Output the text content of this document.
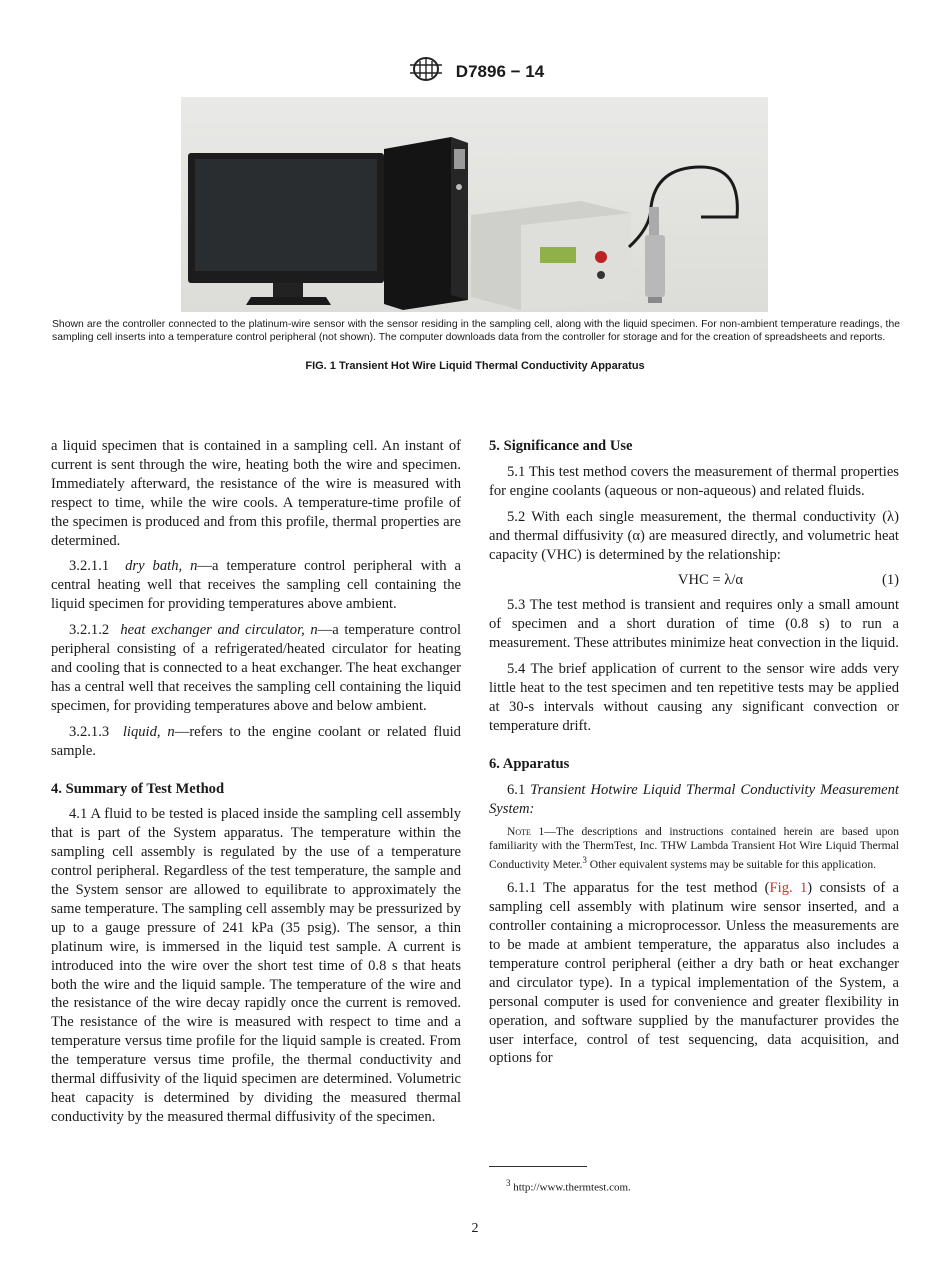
D7896 − 14
Shown are the controller connected to the platinum-wire sensor with the sensor residing in the sampling cell, along with the liquid specimen. For non-ambient temperature readings, the sampling cell inserts into a temperature control peripheral (not shown). The computer downloads data from the controller for storage and for the creation of spreadsheets and reports.
FIG. 1 Transient Hot Wire Liquid Thermal Conductivity Apparatus

a liquid specimen that is contained in a sampling cell. An instant of current is sent through the wire, heating both the wire and specimen. Immediately afterward, the resistance of the wire is measured with respect to time, while the wire cools. A temperature-time profile of the specimen is produced and from this profile, thermal properties are determined.

3.2.1.1 dry bath, n—a temperature control peripheral with a central heating well that receives the sampling cell containing the liquid specimen for providing temperatures above ambient.

3.2.1.2 heat exchanger and circulator, n—a temperature control peripheral consisting of a refrigerated/heated circulator for heating and cooling that is connected to a heat exchanger. The heat exchanger has a central well that receives the sampling cell containing the liquid specimen, for providing temperatures above and below ambient.

3.2.1.3 liquid, n—refers to the engine coolant or related fluid sample.

4. Summary of Test Method

4.1 A fluid to be tested is placed inside the sampling cell assembly that is part of the System apparatus. The temperature within the sampling cell assembly is regulated by the use of a temperature control peripheral. Regardless of the test temperature, the sample and the System sensor are allowed to equilibrate to approximately the same temperature. The sampling cell assembly may be pressurized by up to a gauge pressure of 241 kPa (35 psig). The sensor, a thin platinum wire, is immersed in the liquid test sample. A current is introduced into the wire over the short test time of 0.8 s that heats both the wire and the liquid sample. The temperature of the wire and the resistance of the wire decay rapidly once the current is removed. The resistance of the wire is measured with respect to time and a temperature versus time profile for the liquid sample is created. From the temperature versus time profile, the thermal conductivity and thermal diffusivity of the liquid specimen are determined. Volumetric heat capacity is determined by dividing the measured thermal conductivity by the measured thermal diffusivity of the specimen.

5. Significance and Use

5.1 This test method covers the measurement of thermal properties for engine coolants (aqueous or non-aqueous) and related fluids.

5.2 With each single measurement, the thermal conductivity (λ) and thermal diffusivity (α) are measured directly, and volumetric heat capacity (VHC) is determined by the relationship:

VHC = λ/α	(1)

5.3 The test method is transient and requires only a small amount of specimen and a short duration of time (0.8 s) to run a measurement. These attributes minimize heat convection in the liquid.

5.4 The brief application of current to the sensor wire adds very little heat to the test specimen and ten repetitive tests may be applied at 30-s intervals without causing any significant convection or temperature drift.

6. Apparatus

6.1 Transient Hotwire Liquid Thermal Conductivity Measurement System:

Note 1—The descriptions and instructions contained herein are based upon familiarity with the ThermTest, Inc. THW Lambda Transient Hot Wire Liquid Thermal Conductivity Meter.$^3$ Other equivalent systems may be suitable for this application.

6.1.1 The apparatus for the test method (Fig. 1) consists of a sampling cell assembly with platinum wire sensor inserted, and a controller containing a microprocessor. Unless the measurements are to be made at ambient temperature, the apparatus also includes a temperature control peripheral (either a dry bath or heat exchanger and circulator type). In a typical implementation of the System, a personal computer is used for convenience and greater flexibility in operation, and software supplied by the manufacturer provides the user interface, control of test sequencing, data acquisition, and options for

$^3$ http://www.thermtest.com.
2
